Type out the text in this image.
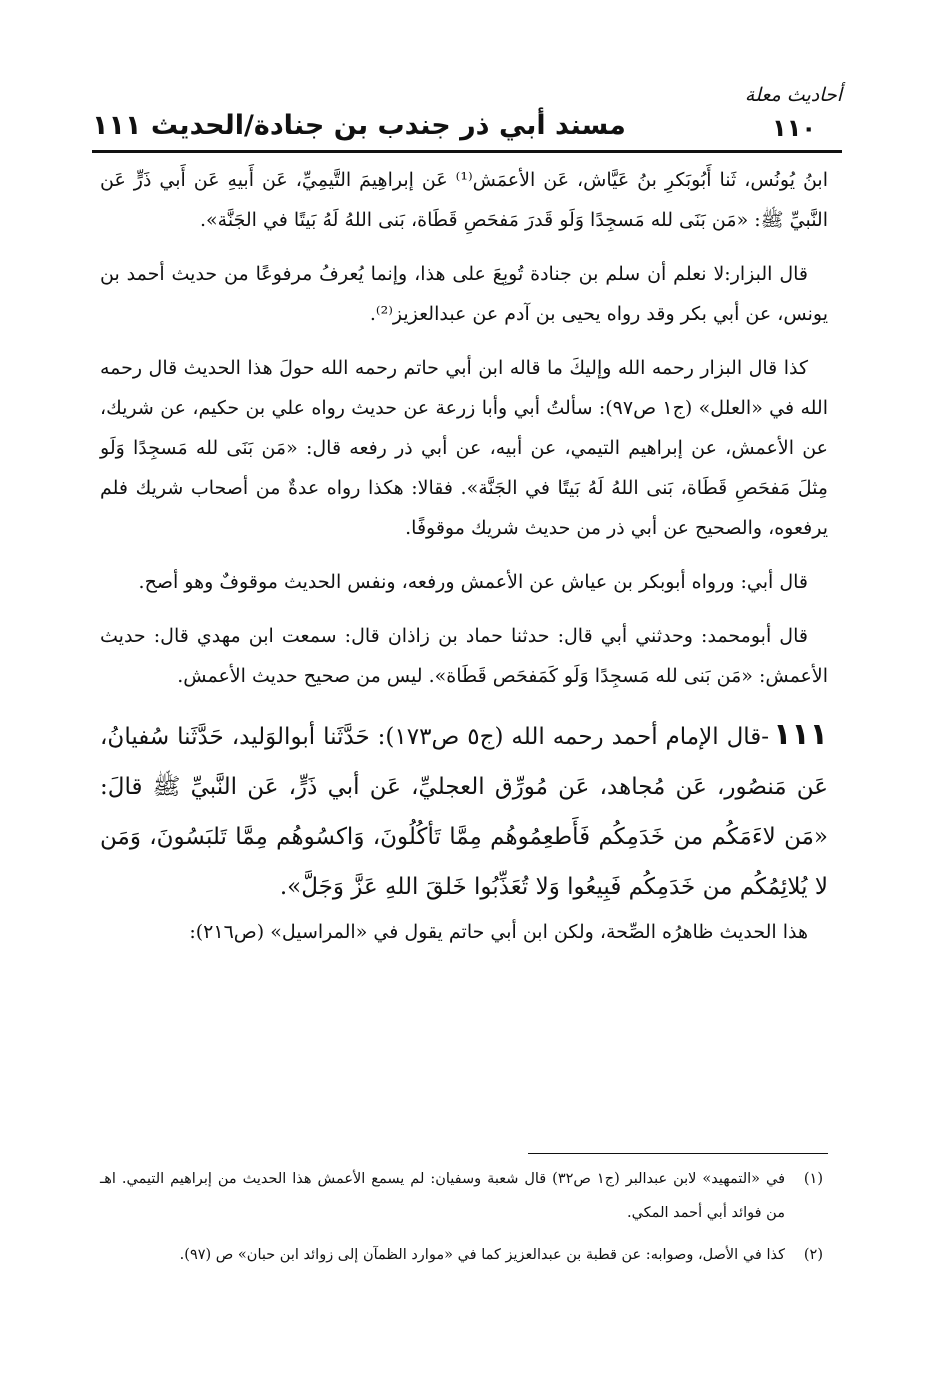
مسند أبي ذر جندب بن جنادة/الحديث ١١١
أحاديث معلة
١١٠

ابنُ يُونُس، ثَنا أَبُوبَكرِ بنُ عَيَّاش، عَن الأعمَش⁽¹⁾ عَن إبراهِيمَ التَّيمِيِّ، عَن أَبيهِ عَن أَبي ذَرٍّ عَن النَّبيِّ ﷺ: «مَن بَنَى لله مَسجِدًا وَلَو قَدرَ مَفحَصِ قَطَاة، بَنى اللهُ لَهُ بَيتًا في الجَنَّة».

قال البزار:لا نعلم أن سلم بن جنادة تُوبِعَ على هذا، وإنما يُعرفُ مرفوعًا من حديث أحمد بن يونس، عن أبي بكر وقد رواه يحيى بن آدم عن عبدالعزيز⁽²⁾.

كذا قال البزار رحمه الله وإليكَ ما قاله ابن أبي حاتم رحمه الله حولَ هذا الحديث قال رحمه الله في «العلل» (ج١ ص٩٧): سألتُ أبي وأبا زرعة عن حديث رواه علي بن حكيم، عن شريك، عن الأعمش، عن إبراهيم التيمي، عن أبيه، عن أبي ذر رفعه قال: «مَن بَنَى لله مَسجِدًا وَلَو مِثلَ مَفحَصِ قَطَاة، بَنى اللهُ لَهُ بَيتًا في الجَنَّة». فقالا: هكذا رواه عدةٌ من أصحاب شريك فلم يرفعوه، والصحيح عن أبي ذر من حديث شريك موقوفًا.

قال أبي: ورواه أبوبكر بن عياش عن الأعمش ورفعه، ونفس الحديث موقوفٌ وهو أصح.

قال أبومحمد: وحدثني أبي قال: حدثنا حماد بن زاذان قال: سمعت ابن مهدي قال: حديث الأعمش: «مَن بَنى لله مَسجِدًا وَلَو كَمَفحَص قَطَاة». ليس من صحيح حديث الأعمش.

١١١-قال الإمام أحمد رحمه الله (ج٥ ص١٧٣): حَدَّثَنا أبوالوَليد، حَدَّثَنا سُفيانُ، عَن مَنصُور، عَن مُجاهد، عَن مُورِّق العجليِّ، عَن أبي ذَرٍّ، عَن النَّبيِّ ﷺ قالَ: «مَن لاءَمَكُم من خَدَمِكُم فَأَطعِمُوهُم مِمَّا تَأكُلُونَ، وَاكسُوهُم مِمَّا تَلبَسُونَ، وَمَن لا يُلائِمُكُم من خَدَمِكُم فَبِيعُوا وَلا تُعَذِّبُوا خَلقَ اللهِ عَزَّ وَجَلَّ».

هذا الحديث ظاهرُه الصِّحة، ولكن ابن أبي حاتم يقول في «المراسيل» (ص٢١٦):

(١)
في «التمهيد» لابن عبدالبر (ج١ ص٣٢) قال شعبة وسفيان: لم يسمع الأعمش هذا الحديث من إبراهيم التيمي. اهـ من فوائد أبي أحمد المكي.
(٢)
كذا في الأصل، وصوابه: عن قطبة بن عبدالعزيز كما في «موارد الظمآن إلى زوائد ابن حبان» ص (٩٧).
